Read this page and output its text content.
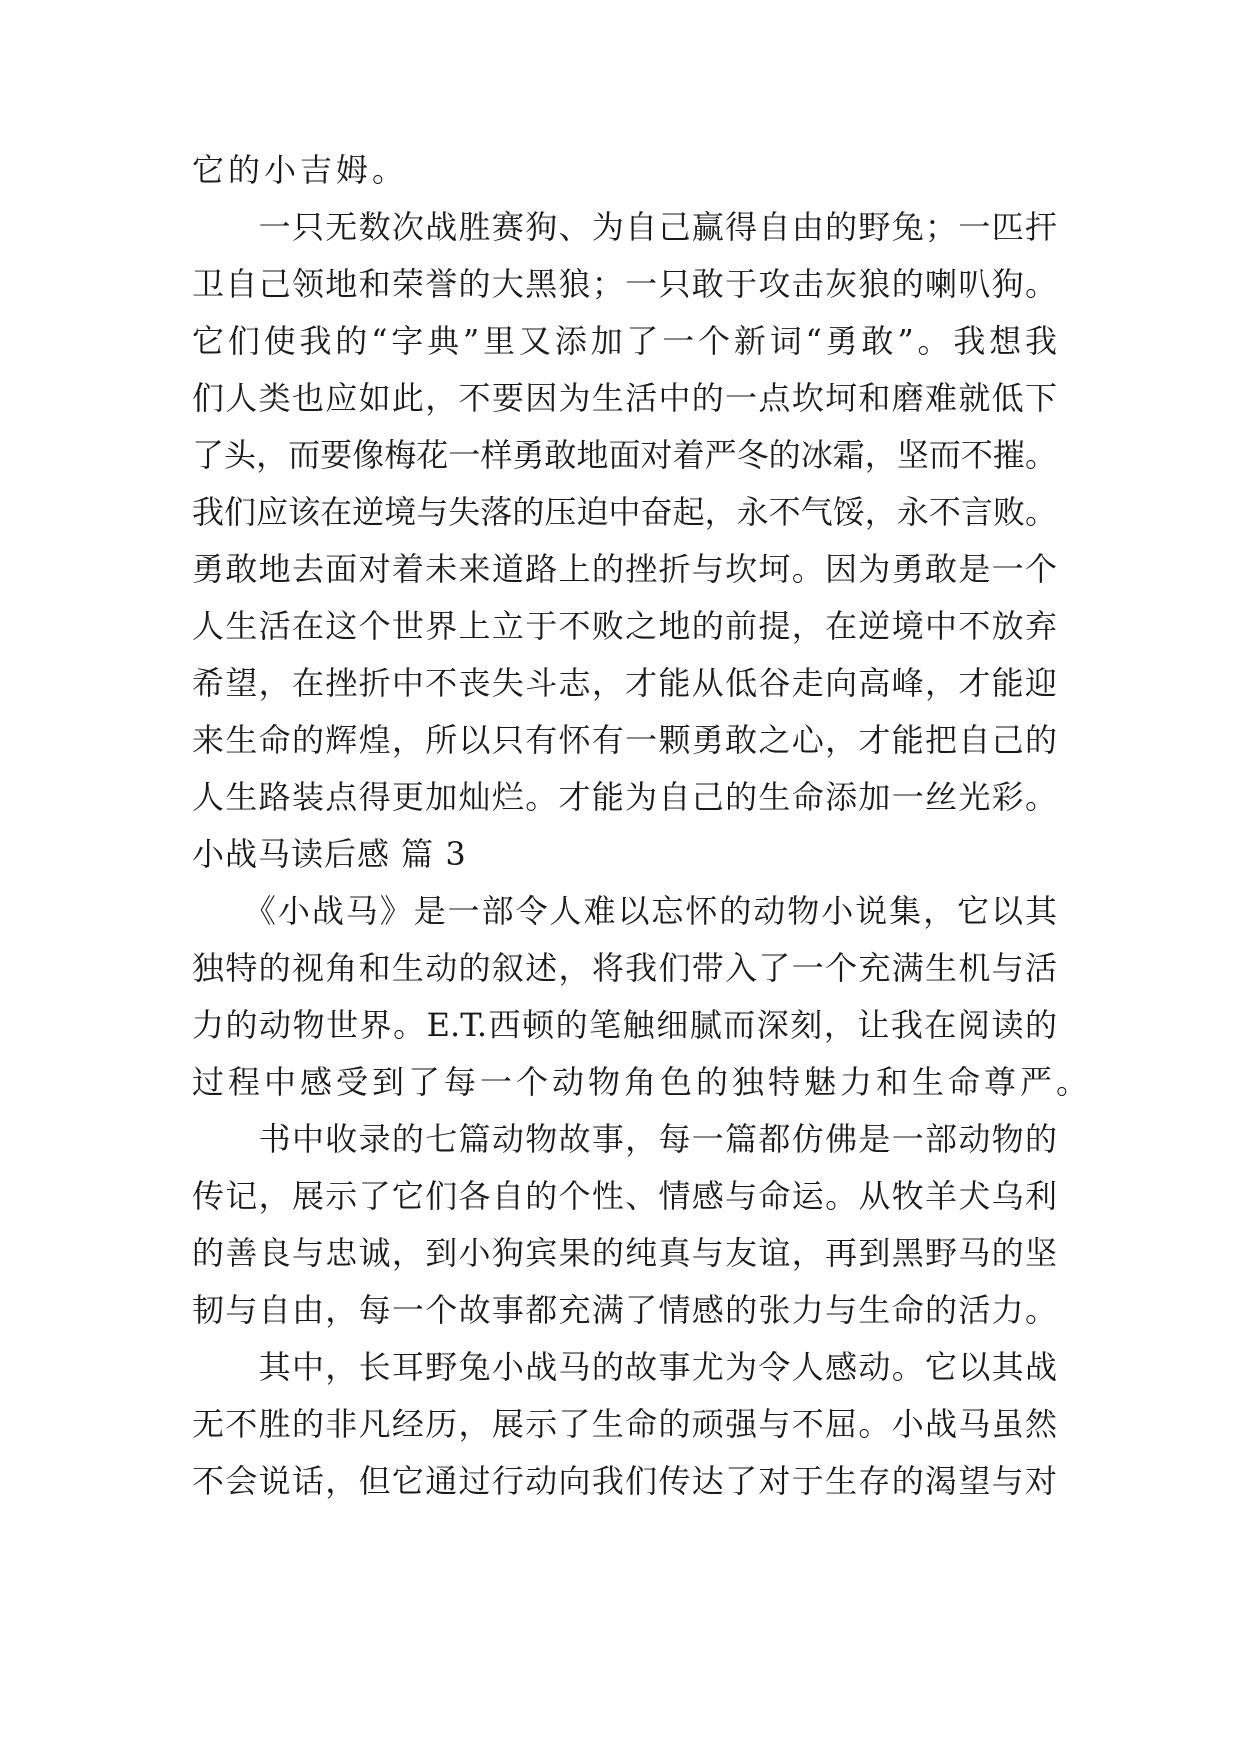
它的小吉姆。
　　一只无数次战胜赛狗、为自己赢得自由的野兔；一匹扞
卫自己领地和荣誉的大黑狼；一只敢于攻击灰狼的喇叭狗。
它们使我的“字典”里又添加了一个新词“勇敢”。我想我
们人类也应如此，不要因为生活中的一点坎坷和磨难就低下
了头，而要像梅花一样勇敢地面对着严冬的冰霜，坚而不摧。
我们应该在逆境与失落的压迫中奋起，永不气馁，永不言败。
勇敢地去面对着未来道路上的挫折与坎坷。因为勇敢是一个
人生活在这个世界上立于不败之地的前提，在逆境中不放弃
希望，在挫折中不丧失斗志，才能从低谷走向高峰，才能迎
来生命的辉煌，所以只有怀有一颗勇敢之心，才能把自己的
人生路装点得更加灿烂。才能为自己的生命添加一丝光彩。
小战马读后感 篇 3
　　《小战马》是一部令人难以忘怀的动物小说集，它以其
独特的视角和生动的叙述，将我们带入了一个充满生机与活
力的动物世界。E.T.西顿的笔触细腻而深刻，让我在阅读的
过程中感受到了每一个动物角色的独特魅力和生命尊严。
　　书中收录的七篇动物故事，每一篇都仿佛是一部动物的
传记，展示了它们各自的个性、情感与命运。从牧羊犬乌利
的善良与忠诚，到小狗宾果的纯真与友谊，再到黑野马的坚
韧与自由，每一个故事都充满了情感的张力与生命的活力。
　　其中，长耳野兔小战马的故事尤为令人感动。它以其战
无不胜的非凡经历，展示了生命的顽强与不屈。小战马虽然
不会说话，但它通过行动向我们传达了对于生存的渴望与对
